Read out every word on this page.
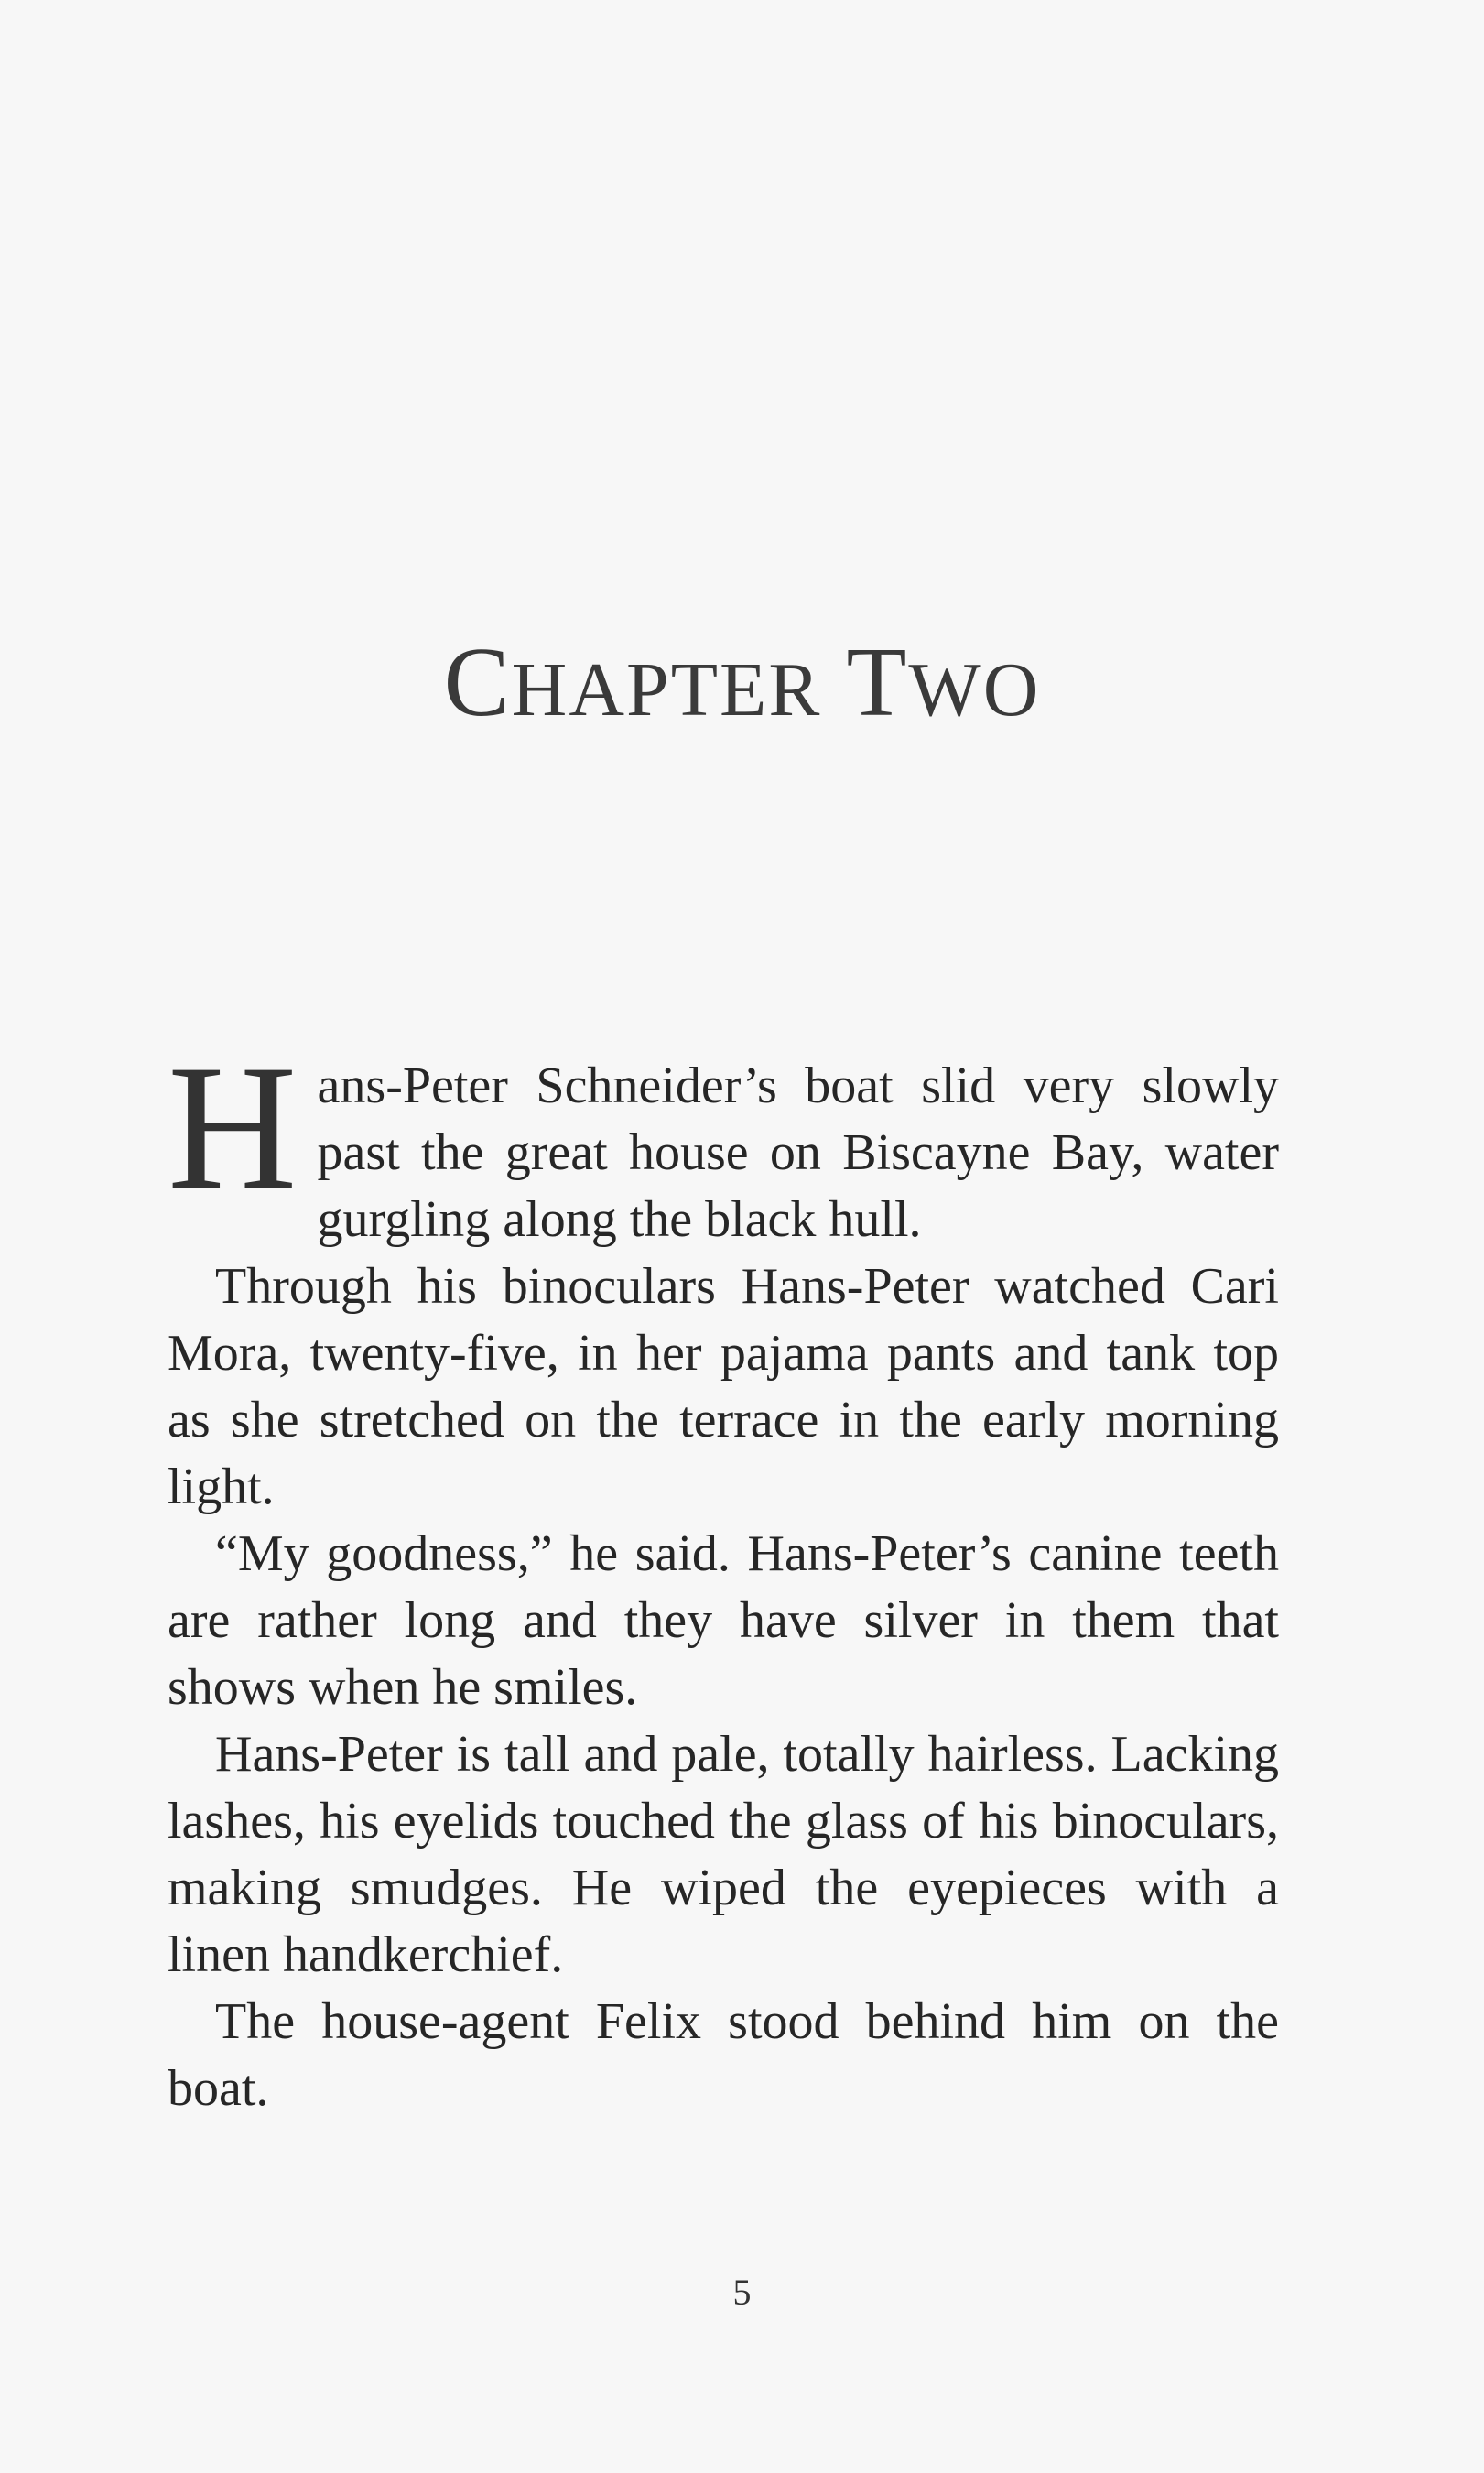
CHAPTER TWO

Hans-Peter Schneider’s boat slid very slowly past the great house on Biscayne Bay, water gurgling along the black hull.

Through his binoculars Hans-Peter watched Cari Mora, twenty-five, in her pajama pants and tank top as she stretched on the terrace in the early morning light.

“My goodness,” he said. Hans-Peter’s canine teeth are rather long and they have silver in them that shows when he smiles.

Hans-Peter is tall and pale, totally hairless. Lacking lashes, his eyelids touched the glass of his binoculars, making smudges. He wiped the eyepieces with a linen handkerchief.

The house-agent Felix stood behind him on the boat.

5
